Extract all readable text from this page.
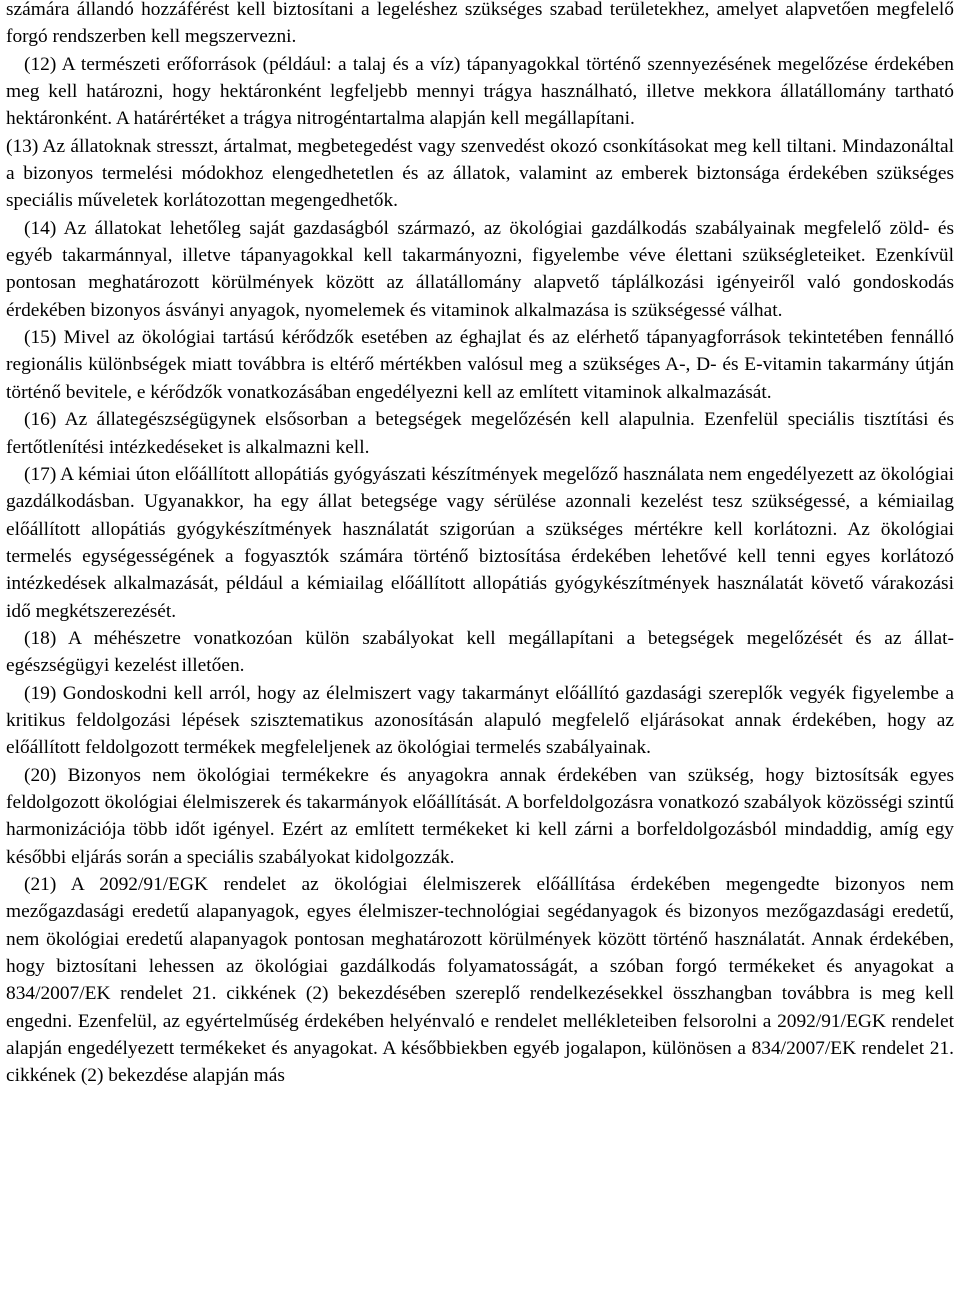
számára állandó hozzáférést kell biztosítani a legeléshez szükséges szabad területekhez, amelyet alapvetően megfelelő forgó rendszerben kell megszervezni.

(12) A természeti erőforrások (például: a talaj és a víz) tápanyagokkal történő szennyezésének megelőzése érdekében meg kell határozni, hogy hektáronként legfeljebb mennyi trágya használható, illetve mekkora állatállomány tartható hektáronként. A határértéket a trágya nitrogéntartalma alapján kell megállapítani.

(13) Az állatoknak stresszt, ártalmat, megbetegedést vagy szenvedést okozó csonkításokat meg kell tiltani. Mindazonáltal a bizonyos termelési módokhoz elengedhetetlen és az állatok, valamint az emberek biztonsága érdekében szükséges speciális műveletek korlátozottan megengedhetők.

(14) Az állatokat lehetőleg saját gazdaságból származó, az ökológiai gazdálkodás szabályainak megfelelő zöld- és egyéb takarmánnyal, illetve tápanyagokkal kell takarmányozni, figyelembe véve élettani szükségleteiket. Ezenkívül pontosan meghatározott körülmények között az állatállomány alapvető táplálkozási igényeiről való gondoskodás érdekében bizonyos ásványi anyagok, nyomelemek és vitaminok alkalmazása is szükségessé válhat.

(15) Mivel az ökológiai tartású kérődzők esetében az éghajlat és az elérhető tápanyagforrások tekintetében fennálló regionális különbségek miatt továbbra is eltérő mértékben valósul meg a szükséges A-, D- és E-vitamin takarmány útján történő bevitele, e kérődzők vonatkozásában engedélyezni kell az említett vitaminok alkalmazását.

(16) Az állategészségügynek elsősorban a betegségek megelőzésén kell alapulnia. Ezenfelül speciális tisztítási és fertőtlenítési intézkedéseket is alkalmazni kell.

(17) A kémiai úton előállított allopátiás gyógyászati készítmények megelőző használata nem engedélyezett az ökológiai gazdálkodásban. Ugyanakkor, ha egy állat betegsége vagy sérülése azonnali kezelést tesz szükségessé, a kémiailag előállított allopátiás gyógykészítmények használatát szigorúan a szükséges mértékre kell korlátozni. Az ökológiai termelés egységességének a fogyasztók számára történő biztosítása érdekében lehetővé kell tenni egyes korlátozó intézkedések alkalmazását, például a kémiailag előállított allopátiás gyógykészítmények használatát követő várakozási idő megkétszerezését.

(18) A méhészetre vonatkozóan külön szabályokat kell megállapítani a betegségek megelőzését és az állat-egészségügyi kezelést illetően.

(19) Gondoskodni kell arról, hogy az élelmiszert vagy takarmányt előállító gazdasági szereplők vegyék figyelembe a kritikus feldolgozási lépések szisztematikus azonosításán alapuló megfelelő eljárásokat annak érdekében, hogy az előállított feldolgozott termékek megfeleljenek az ökológiai termelés szabályainak.

(20) Bizonyos nem ökológiai termékekre és anyagokra annak érdekében van szükség, hogy biztosítsák egyes feldolgozott ökológiai élelmiszerek és takarmányok előállítását. A borfeldolgozásra vonatkozó szabályok közösségi szintű harmonizációja több időt igényel. Ezért az említett termékeket ki kell zárni a borfeldolgozásból mindaddig, amíg egy későbbi eljárás során a speciális szabályokat kidolgozzák.

(21) A 2092/91/EGK rendelet az ökológiai élelmiszerek előállítása érdekében megengedte bizonyos nem mezőgazdasági eredetű alapanyagok, egyes élelmiszer-technológiai segédanyagok és bizonyos mezőgazdasági eredetű, nem ökológiai eredetű alapanyagok pontosan meghatározott körülmények között történő használatát. Annak érdekében, hogy biztosítani lehessen az ökológiai gazdálkodás folyamatosságát, a szóban forgó termékeket és anyagokat a 834/2007/EK rendelet 21. cikkének (2) bekezdésében szereplő rendelkezésekkel összhangban továbbra is meg kell engedni. Ezenfelül, az egyértelműség érdekében helyénvaló e rendelet mellékleteiben felsorolni a 2092/91/EGK rendelet alapján engedélyezett termékeket és anyagokat. A későbbiekben egyéb jogalapon, különösen a 834/2007/EK rendelet 21. cikkének (2) bekezdése alapján más
